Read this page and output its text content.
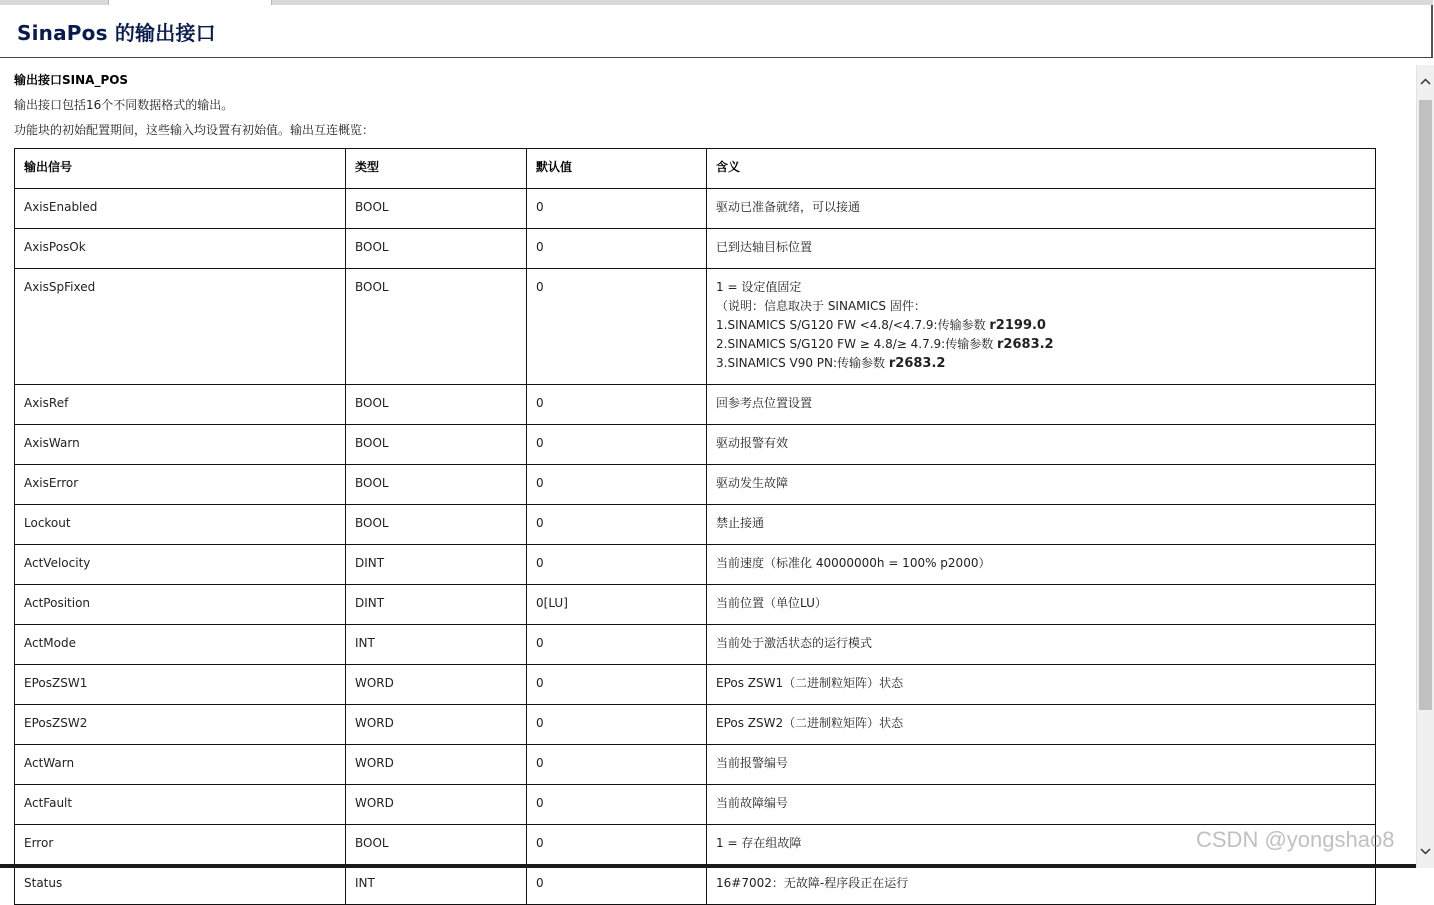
SinaPos 的输出接口
输出接口SINA_POS
输出接口包括16个不同数据格式的输出。
功能块的初始配置期间，这些输入均设置有初始值。输出互连概览：
输出信号	类型	默认值	含义
AxisEnabled	BOOL	0	驱动已准备就绪，可以接通
AxisPosOk	BOOL	0	已到达轴目标位置
AxisSpFixed	BOOL	0	1 = 设定值固定
（说明：信息取决于 SINAMICS 固件：
1.SINAMICS S/G120 FW <4.8/<4.7.9:传输参数 r2199.0
2.SINAMICS S/G120 FW ≥ 4.8/≥ 4.7.9:传输参数 r2683.2
3.SINAMICS V90 PN:传输参数 r2683.2

AxisRef	BOOL	0	回参考点位置设置
AxisWarn	BOOL	0	驱动报警有效
AxisError	BOOL	0	驱动发生故障
Lockout	BOOL	0	禁止接通
ActVelocity	DINT	0	当前速度（标准化 40000000h = 100% p2000）
ActPosition	DINT	0[LU]	当前位置（单位LU）
ActMode	INT	0	当前处于激活状态的运行模式
EPosZSW1	WORD	0	EPos ZSW1（二进制粒矩阵）状态
EPosZSW2	WORD	0	EPos ZSW2（二进制粒矩阵）状态
ActWarn	WORD	0	当前报警编号
ActFault	WORD	0	当前故障编号
Error	BOOL	0	1 = 存在组故障
Status	INT	0	16#7002：无故障-程序段正在运行
CSDN @yongshao8
